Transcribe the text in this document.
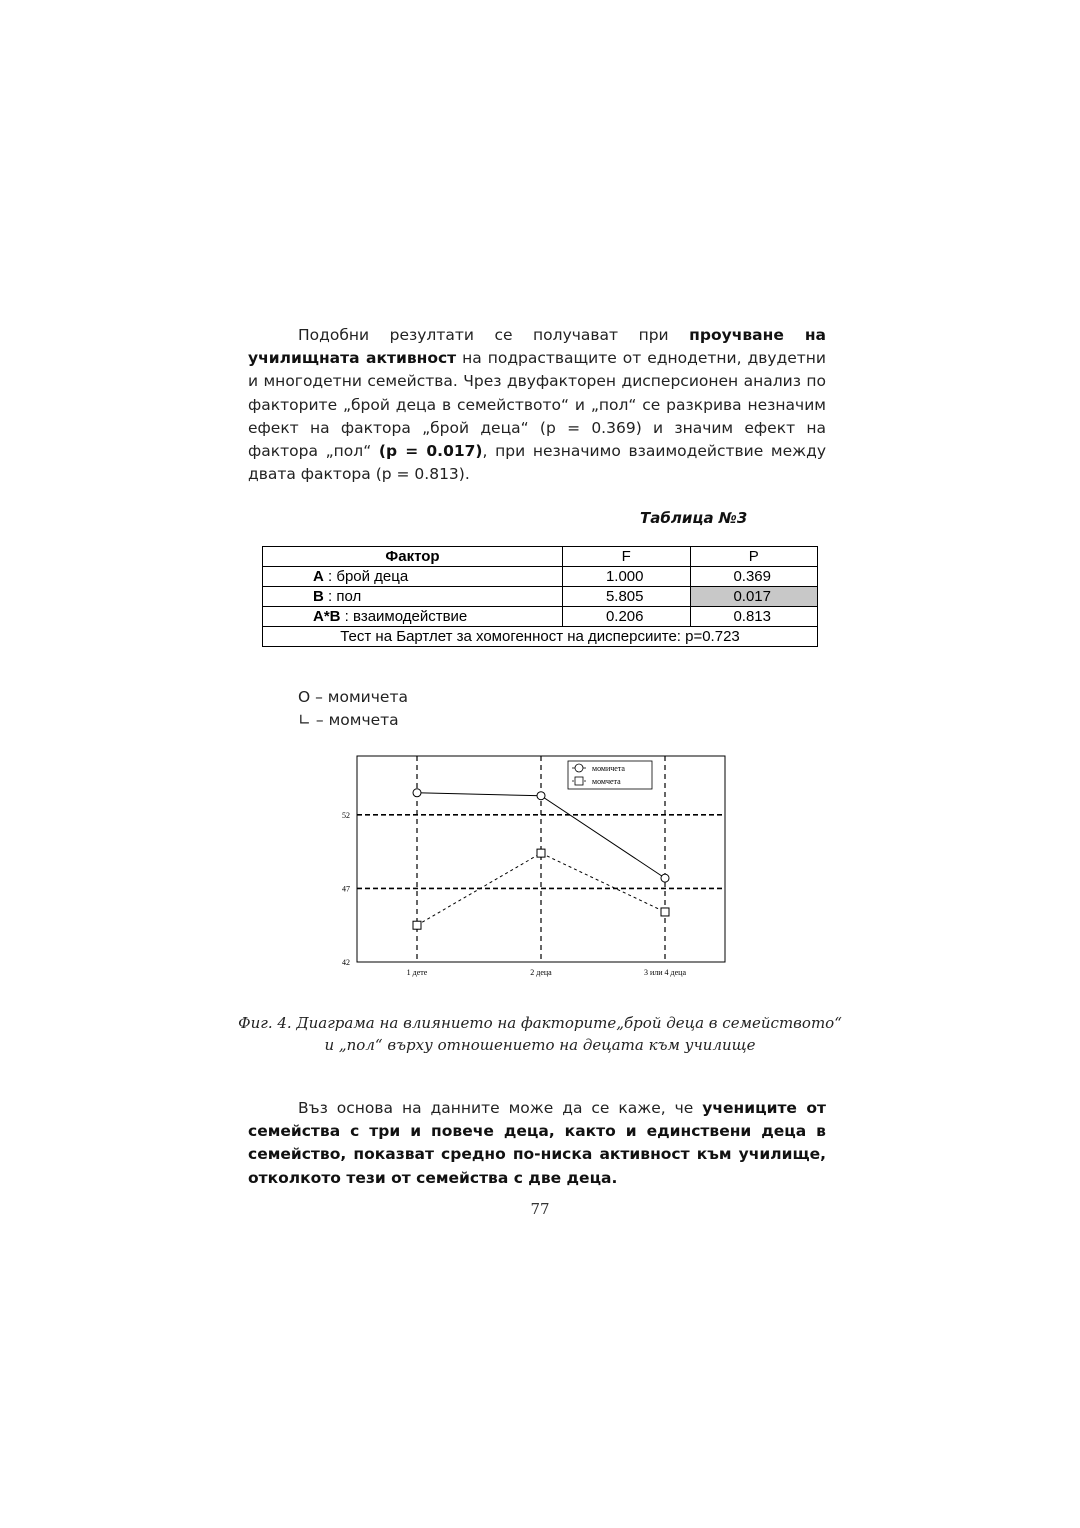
Подобни резултати се получават при проучване на училищната активност на подрастващите от еднодетни, двудетни и многодетни семейства. Чрез двуфакторен дисперсионен анализ по факторите „брой деца в семейството“ и „пол“ се разкрива незначим ефект на фактора „брой деца“ (p = 0.369) и значим ефект на фактора „пол“ (p = 0.017), при незначимо взаимодействие между двата фактора (p = 0.813).

Таблица №3
Фактор	F	P
A : брой деца	1.000	0.369
B : пол	5.805	0.017
A*B : взаимодействие	0.206	0.813
Тест на Бартлет за хомогенност на дисперсиите: p=0.723		
O – момичета
∟ – момчета
52
47
42
1 дете	2 деца	3 или 4 деца
момичета
момчета

Фиг. 4. Диаграма на влиянието на факторите„брой деца в семейството“
и „пол“ върху отношението на децата към училище

Въз основа на данните може да се каже, че учениците от семейства с три и повече деца, както и единствени деца в семейство, показват средно по-ниска активност към училище, отколкото тези от семейства с две деца.

77
